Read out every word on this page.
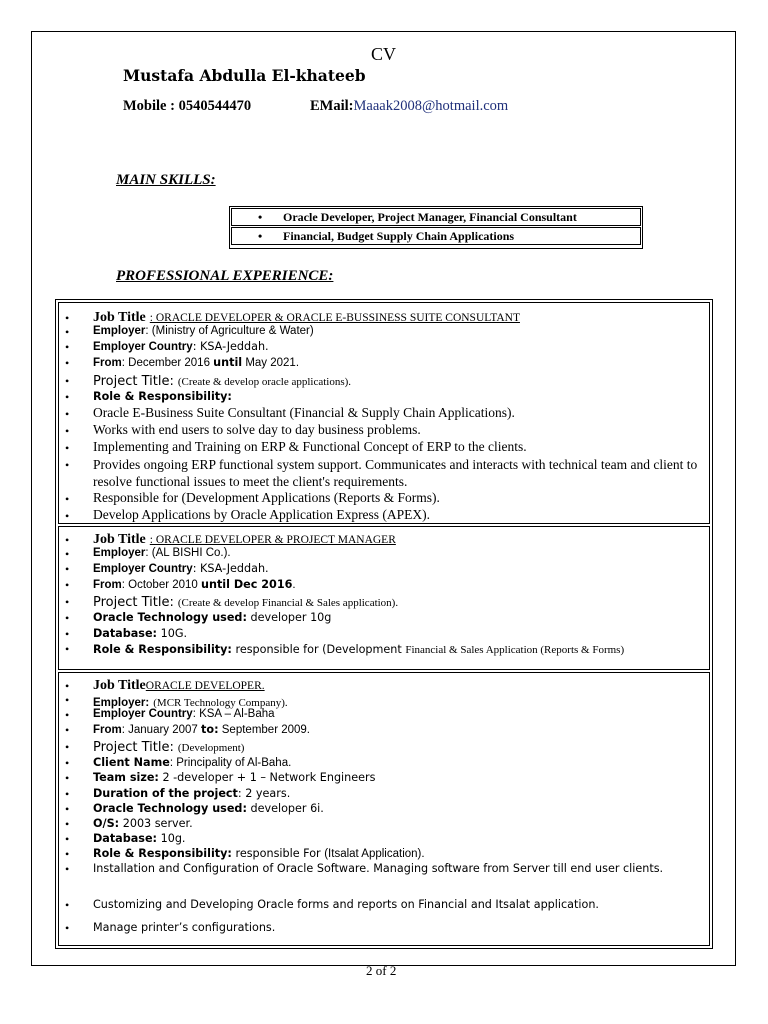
CV
Mustafa Abdulla El-khateeb
Mobile : 0540544470	EMail:Maaak2008@hotmail.com
MAIN SKILLS:
• Oracle Developer, Project Manager, Financial Consultant
• Financial, Budget Supply Chain Applications
PROFESSIONAL EXPERIENCE:
• Job Title : ORACLE DEVELOPER & ORACLE E-BUSSINESS SUITE CONSULTANT
• Employer: (Ministry of Agriculture & Water)
• Employer Country: KSA-Jeddah.
• From: December 2016 until May 2021.
• Project Title: (Create & develop oracle applications).
• Role & Responsibility:
• Oracle E-Business Suite Consultant (Financial & Supply Chain Applications).
• Works with end users to solve day to day business problems.
• Implementing and Training on ERP & Functional Concept of ERP to the clients.
• Provides ongoing ERP functional system support. Communicates and interacts with technical team and client to resolve functional issues to meet the client's requirements.
• Responsible for (Development Applications (Reports & Forms).
• Develop Applications by Oracle Application Express (APEX).
• Job Title : ORACLE DEVELOPER & PROJECT MANAGER
• Employer: (AL BISHI Co.).
• Employer Country: KSA-Jeddah.
• From: October 2010 until Dec 2016.
• Project Title: (Create & develop Financial & Sales application).
• Oracle Technology used: developer 10g
• Database: 10G.
• Role & Responsibility: responsible for (Development Financial & Sales Application (Reports & Forms)
• Job TitleORACLE DEVELOPER.
• Employer: (MCR Technology Company).
• Employer Country: KSA – Al-Baha
• From: January 2007 to: September 2009.
• Project Title: (Development)
• Client Name: Principality of Al-Baha.
• Team size: 2 -developer + 1 – Network Engineers
• Duration of the project: 2 years.
• Oracle Technology used: developer 6i.
• O/S: 2003 server.
• Database: 10g.
• Role & Responsibility: responsible For (Itsalat Application).
• Installation and Configuration of Oracle Software. Managing software from Server till end user clients.
• Customizing and Developing Oracle forms and reports on Financial and Itsalat application.
• Manage printer’s configurations.
2 of 2
